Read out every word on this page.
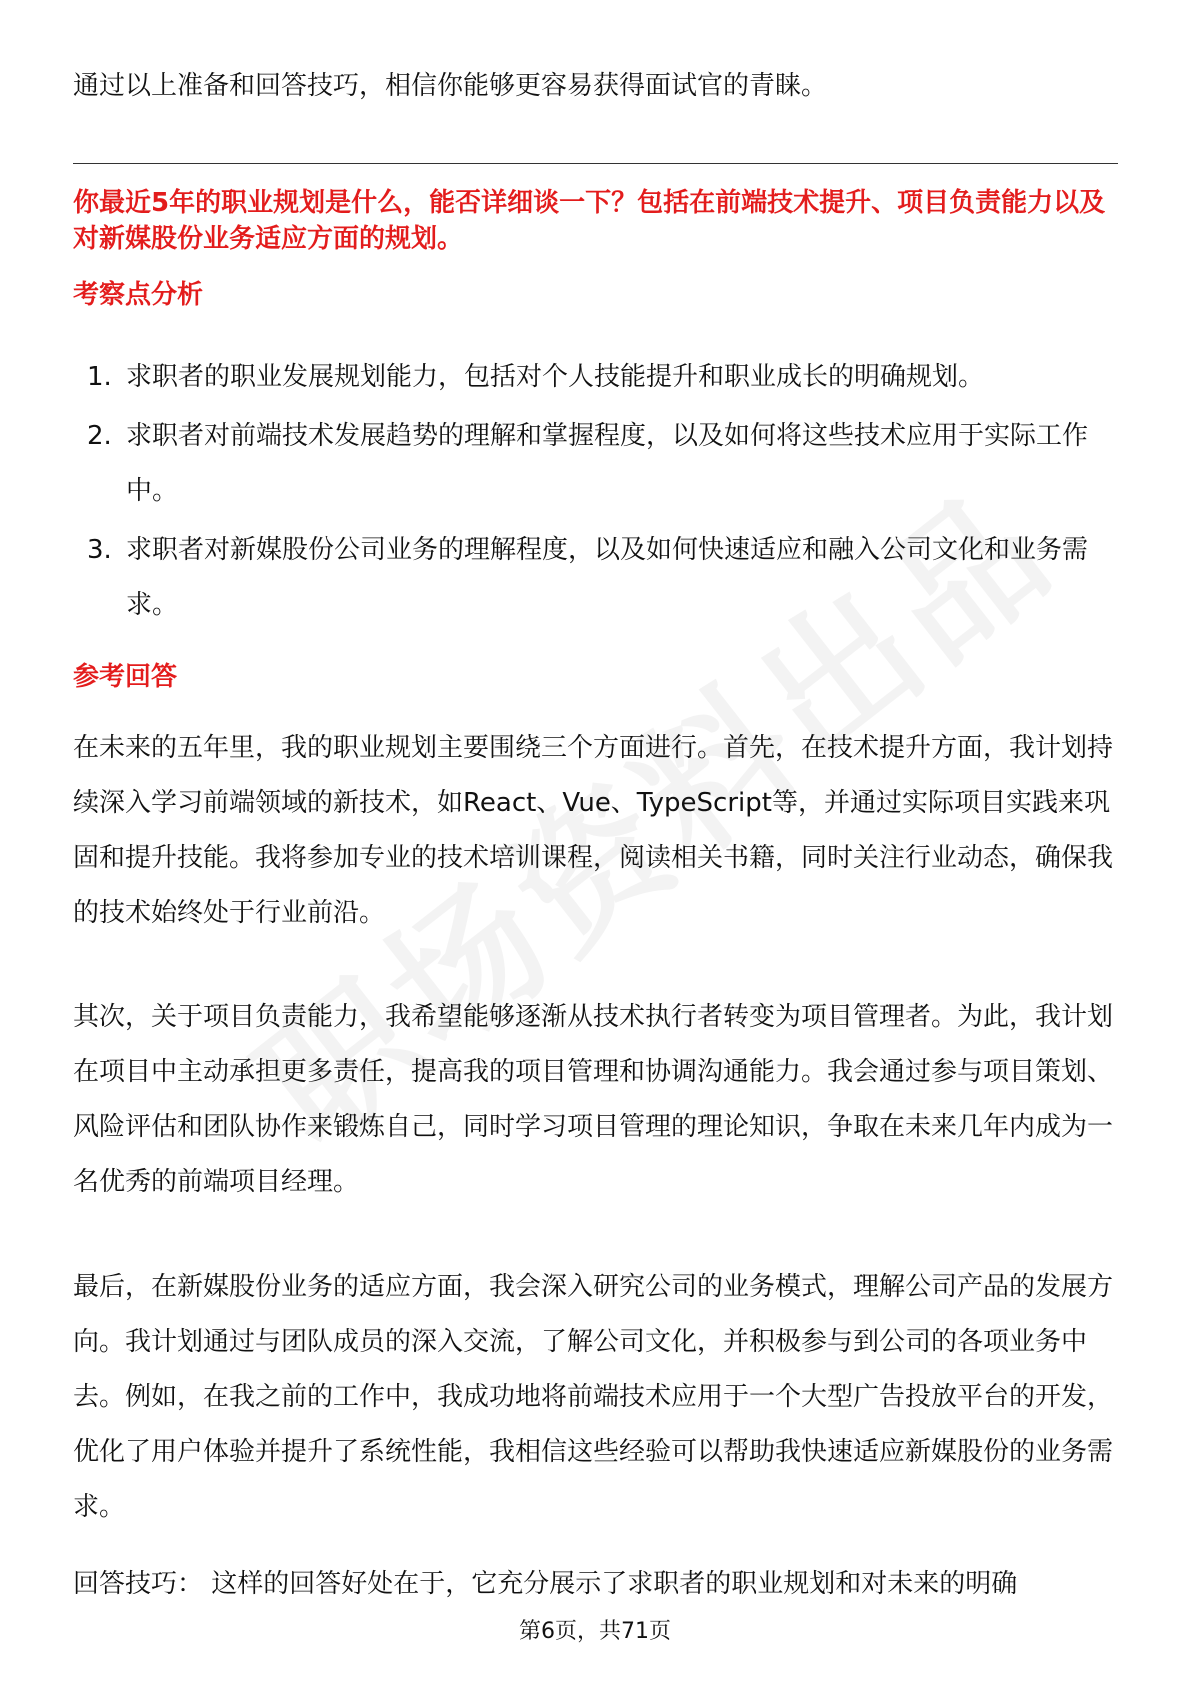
通过以上准备和回答技巧，相信你能够更容易获得面试官的青睐。
你最近5年的职业规划是什么，能否详细谈一下？包括在前端技术提升、项目负责能力以及对新媒股份业务适应方面的规划。
考察点分析
1. 求职者的职业发展规划能力，包括对个人技能提升和职业成长的明确规划。
2. 求职者对前端技术发展趋势的理解和掌握程度，以及如何将这些技术应用于实际工作中。
3. 求职者对新媒股份公司业务的理解程度，以及如何快速适应和融入公司文化和业务需求。
参考回答

在未来的五年里，我的职业规划主要围绕三个方面进行。首先，在技术提升方面，我计划持续深入学习前端领域的新技术，如React、Vue、TypeScript等，并通过实际项目实践来巩固和提升技能。我将参加专业的技术培训课程，阅读相关书籍，同时关注行业动态，确保我的技术始终处于行业前沿。

其次，关于项目负责能力，我希望能够逐渐从技术执行者转变为项目管理者。为此，我计划在项目中主动承担更多责任，提高我的项目管理和协调沟通能力。我会通过参与项目策划、风险评估和团队协作来锻炼自己，同时学习项目管理的理论知识，争取在未来几年内成为一名优秀的前端项目经理。

最后，在新媒股份业务的适应方面，我会深入研究公司的业务模式，理解公司产品的发展方向。我计划通过与团队成员的深入交流，了解公司文化，并积极参与到公司的各项业务中去。例如，在我之前的工作中，我成功地将前端技术应用于一个大型广告投放平台的开发，优化了用户体验并提升了系统性能，我相信这些经验可以帮助我快速适应新媒股份的业务需求。

回答技巧： 这样的回答好处在于，它充分展示了求职者的职业规划和对未来的明确

第6页，共71页
